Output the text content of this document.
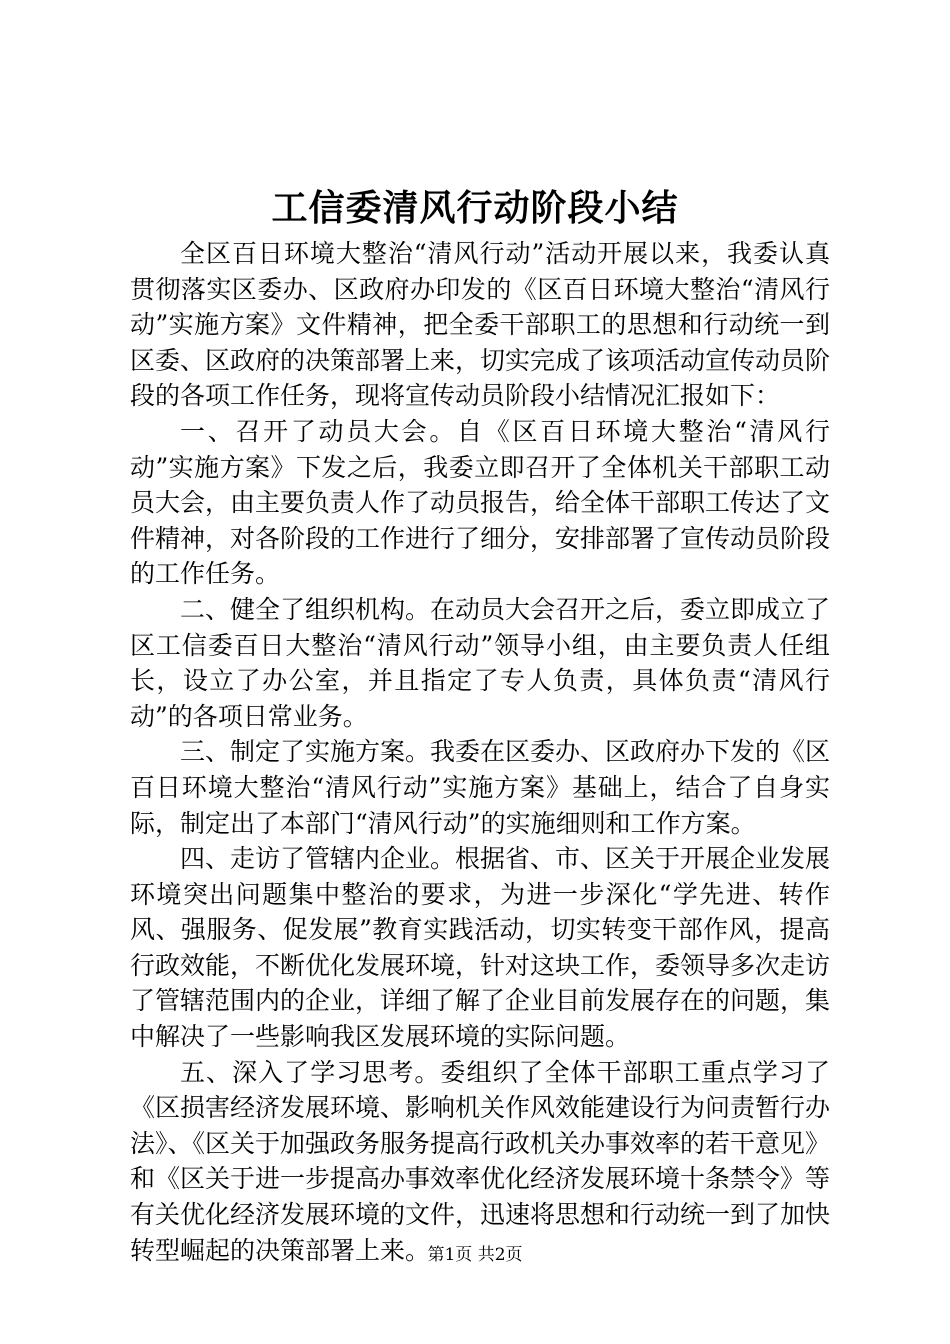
工信委清风行动阶段小结

全区百日环境大整治“清风行动”活动开展以来，我委认真贯彻落实区委办、区政府办印发的《区百日环境大整治“清风行动”实施方案》文件精神，把全委干部职工的思想和行动统一到区委、区政府的决策部署上来，切实完成了该项活动宣传动员阶段的各项工作任务，现将宣传动员阶段小结情况汇报如下：

一、召开了动员大会。自《区百日环境大整治“清风行动”实施方案》下发之后，我委立即召开了全体机关干部职工动员大会，由主要负责人作了动员报告，给全体干部职工传达了文件精神，对各阶段的工作进行了细分，安排部署了宣传动员阶段的工作任务。

二、健全了组织机构。在动员大会召开之后，委立即成立了区工信委百日大整治“清风行动”领导小组，由主要负责人任组长，设立了办公室，并且指定了专人负责，具体负责“清风行动”的各项日常业务。

三、制定了实施方案。我委在区委办、区政府办下发的《区百日环境大整治“清风行动”实施方案》基础上，结合了自身实际，制定出了本部门“清风行动”的实施细则和工作方案。

四、走访了管辖内企业。根据省、市、区关于开展企业发展环境突出问题集中整治的要求，为进一步深化“学先进、转作风、强服务、促发展”教育实践活动，切实转变干部作风，提高行政效能，不断优化发展环境，针对这块工作，委领导多次走访了管辖范围内的企业，详细了解了企业目前发展存在的问题，集中解决了一些影响我区发展环境的实际问题。

五、深入了学习思考。委组织了全体干部职工重点学习了《区损害经济发展环境、影响机关作风效能建设行为问责暂行办法》、《区关于加强政务服务提高行政机关办事效率的若干意见》和《区关于进一步提高办事效率优化经济发展环境十条禁令》等有关优化经济发展环境的文件，迅速将思想和行动统一到了加快转型崛起的决策部署上来。

第1页 共2页
